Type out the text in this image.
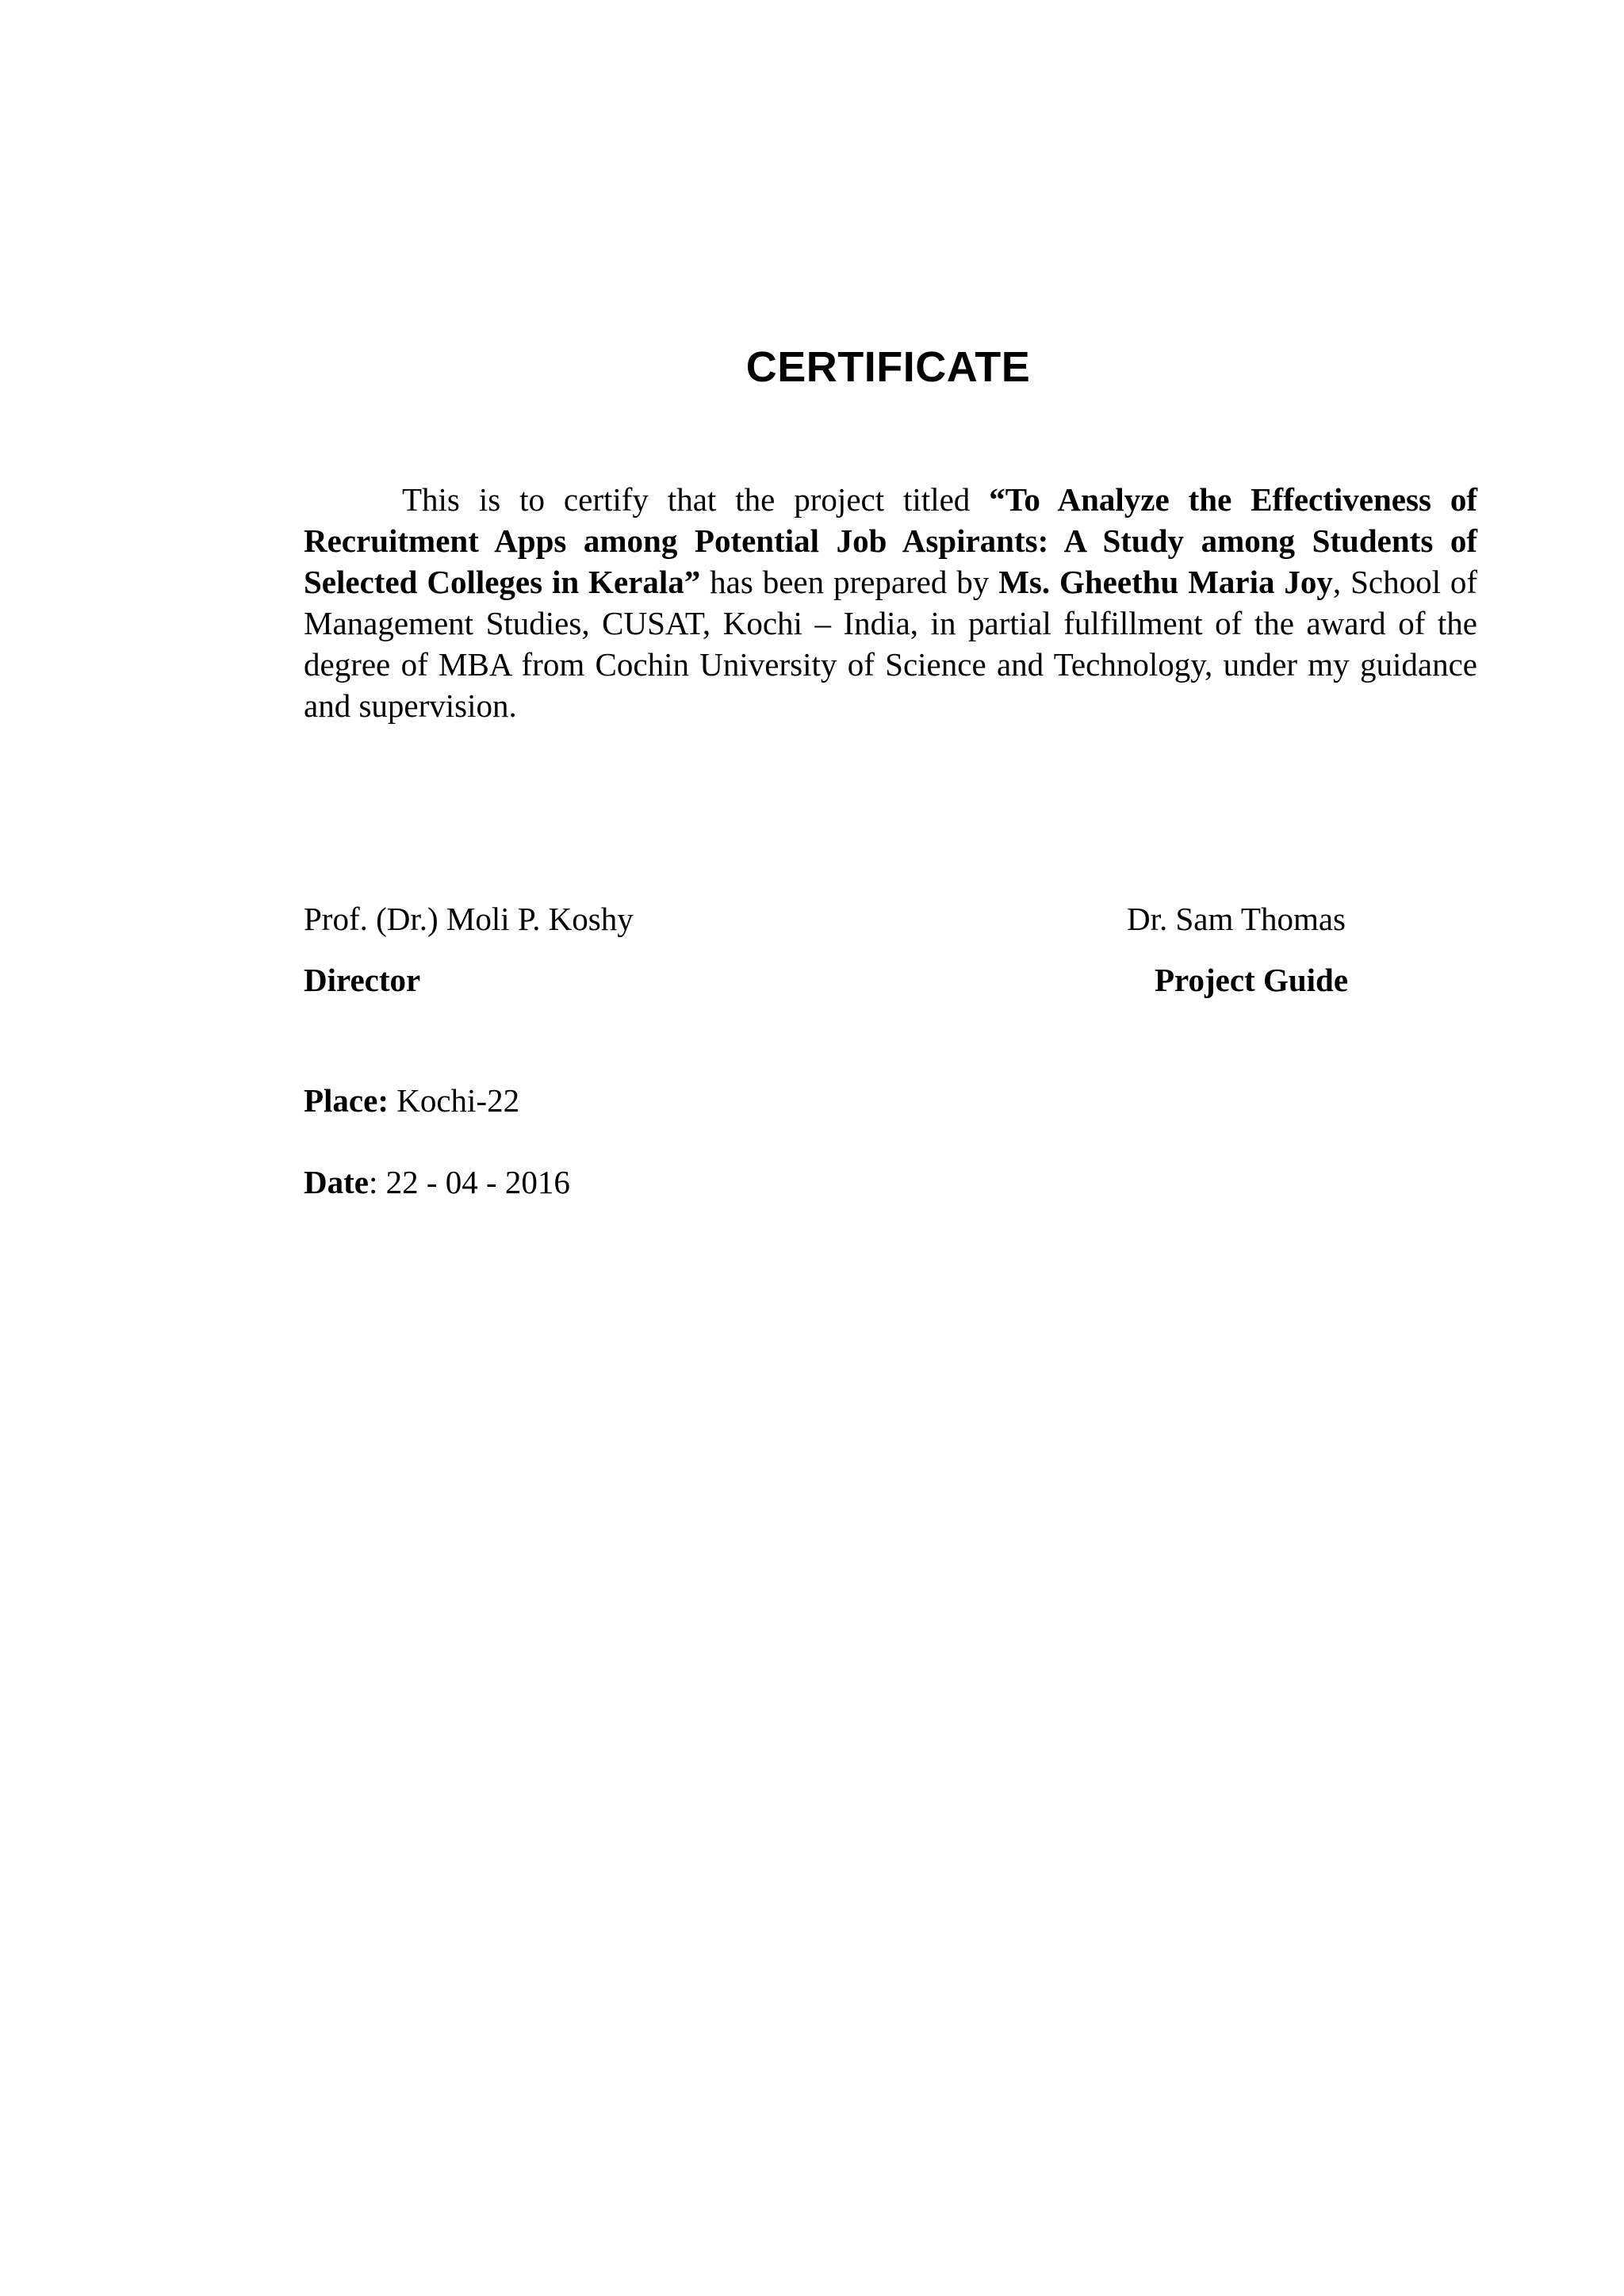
CERTIFICATE

This is to certify that the project titled “To Analyze the Effectiveness of Recruitment Apps among Potential Job Aspirants: A Study among Students of Selected Colleges in Kerala” has been prepared by Ms. Gheethu Maria Joy, School of Management Studies, CUSAT, Kochi – India, in partial fulfillment of the award of the degree of MBA from Cochin University of Science and Technology, under my guidance and supervision.

Prof. (Dr.) Moli P. Koshy
Director
Dr. Sam Thomas
Project Guide
Place: Kochi-22
Date: 22 - 04 - 2016
